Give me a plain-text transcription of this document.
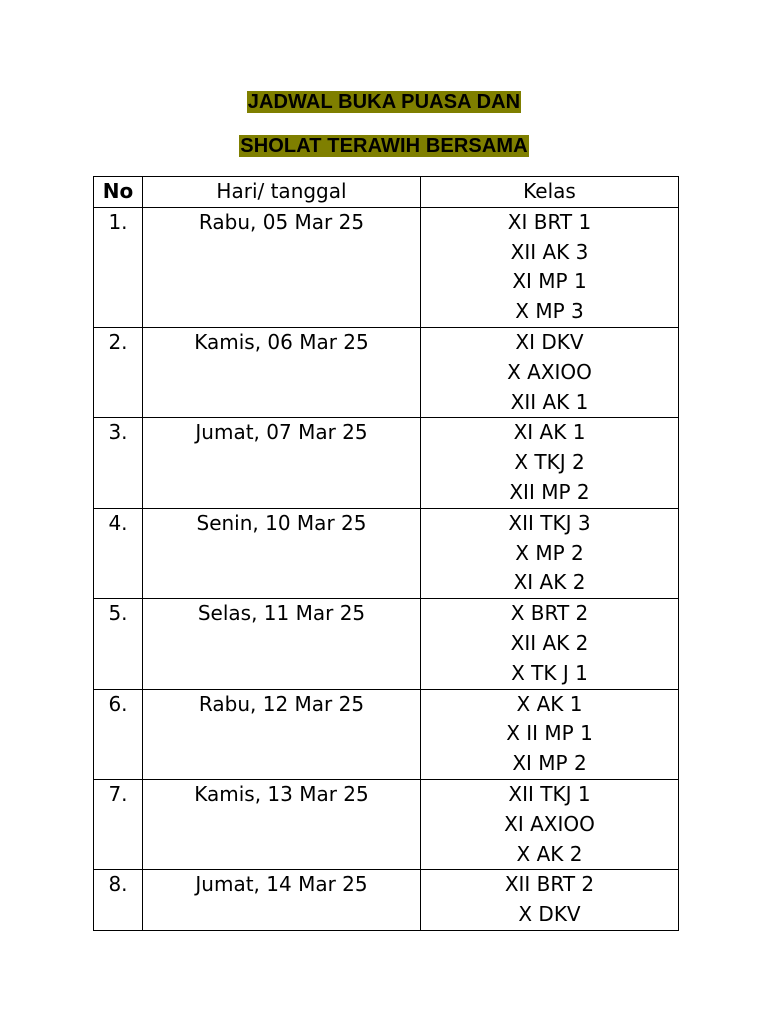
JADWAL BUKA PUASA DAN
SHOLAT TERAWIH BERSAMA
No	Hari/ tanggal	Kelas
1.	Rabu, 05 Mar 25	XI BRT 1
XII AK 3
XI MP 1
X MP 3

2.	Kamis, 06 Mar 25	XI DKV
X AXIOO
XII AK 1

3.	Jumat, 07 Mar 25	XI AK 1
X TKJ 2
XII MP 2

4.	Senin, 10 Mar 25	XII TKJ 3
X MP 2
XI AK 2

5.	Selas, 11 Mar 25	X BRT 2
XII AK 2
X TK J 1

6.	Rabu, 12 Mar 25	X AK 1
X II MP 1
XI MP 2

7.	Kamis, 13 Mar 25	XII TKJ 1
XI AXIOO
X AK 2

8.	Jumat, 14 Mar 25	XII BRT 2
X DKV
